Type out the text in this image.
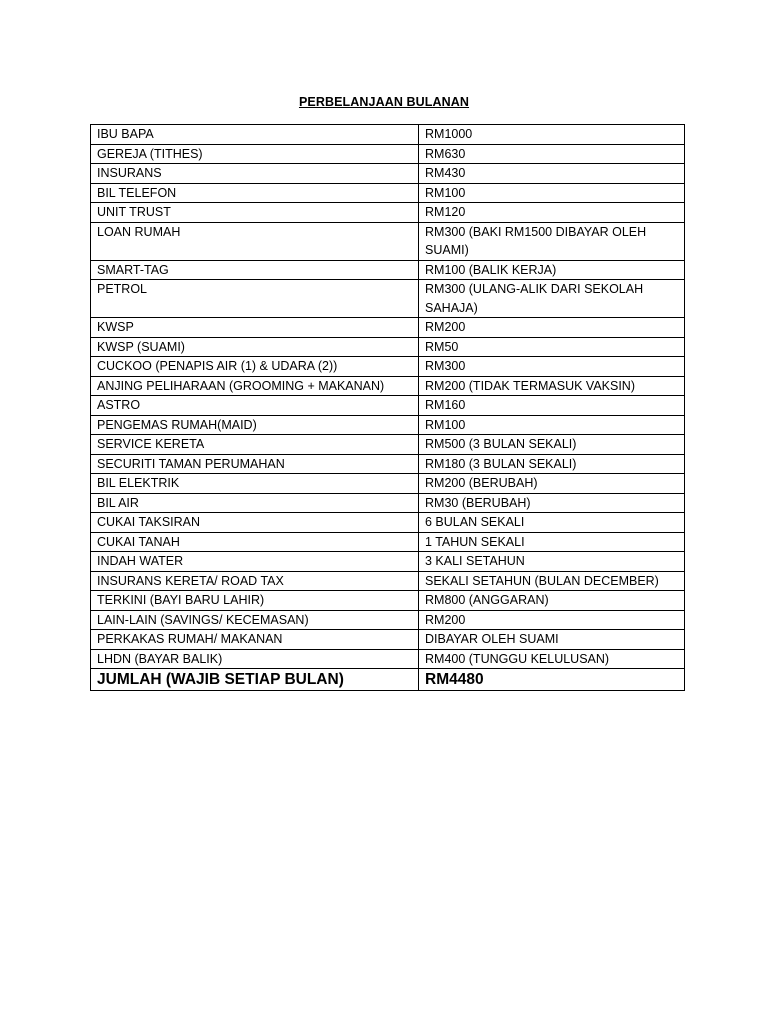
PERBELANJAAN BULANAN
IBU BAPA	RM1000
GEREJA (TITHES)	RM630
INSURANS	RM430
BIL TELEFON	RM100
UNIT TRUST	RM120
LOAN RUMAH	RM300 (BAKI RM1500 DIBAYAR OLEH SUAMI)
SMART-TAG	RM100 (BALIK KERJA)
PETROL	RM300 (ULANG-ALIK DARI SEKOLAH SAHAJA)
KWSP	RM200
KWSP (SUAMI)	RM50
CUCKOO (PENAPIS AIR (1) & UDARA (2))	RM300
ANJING PELIHARAAN (GROOMING + MAKANAN)	RM200 (TIDAK TERMASUK VAKSIN)
ASTRO	RM160
PENGEMAS RUMAH(MAID)	RM100
SERVICE KERETA	RM500 (3 BULAN SEKALI)
SECURITI TAMAN PERUMAHAN	RM180 (3 BULAN SEKALI)
BIL ELEKTRIK	RM200 (BERUBAH)
BIL AIR	RM30 (BERUBAH)
CUKAI TAKSIRAN	6 BULAN SEKALI
CUKAI TANAH	1 TAHUN SEKALI
INDAH WATER	3 KALI SETAHUN
INSURANS KERETA/ ROAD TAX	SEKALI SETAHUN (BULAN DECEMBER)
TERKINI (BAYI BARU LAHIR)	RM800 (ANGGARAN)
LAIN-LAIN (SAVINGS/ KECEMASAN)	RM200
PERKAKAS RUMAH/ MAKANAN	DIBAYAR OLEH SUAMI
LHDN (BAYAR BALIK)	RM400 (TUNGGU KELULUSAN)
JUMLAH (WAJIB SETIAP BULAN)	RM4480
